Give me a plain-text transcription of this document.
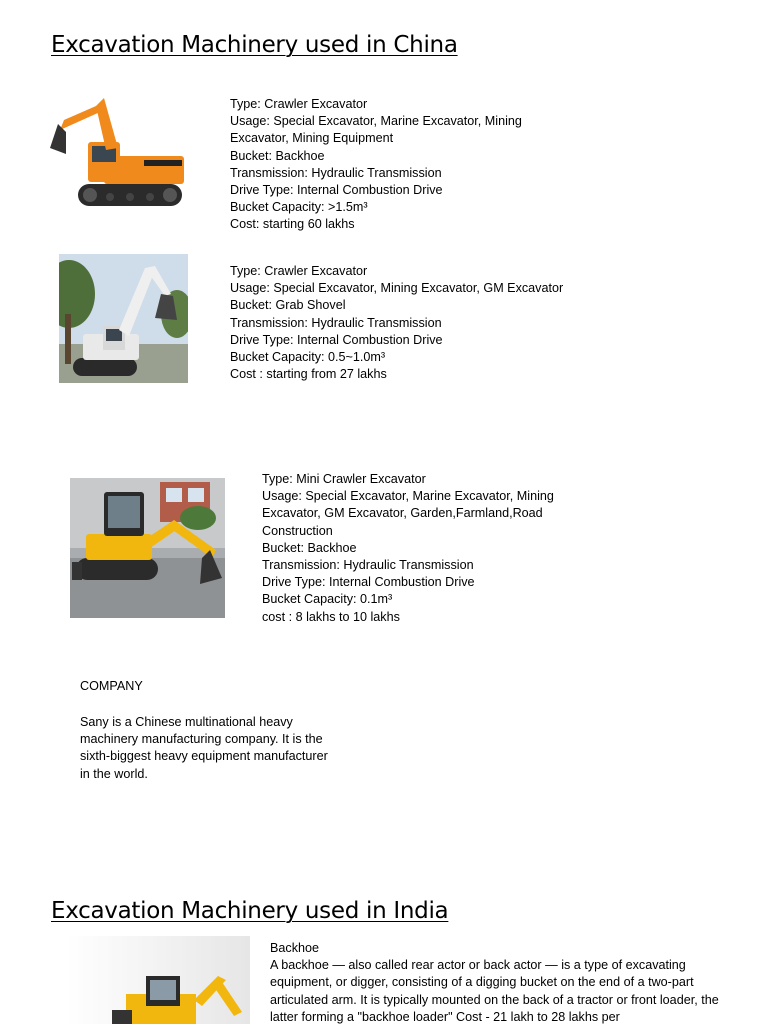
Excavation Machinery used in China
Type: Crawler Excavator
Usage: Special Excavator, Marine Excavator, Mining
Excavator, Mining Equipment
Bucket: Backhoe
Transmission: Hydraulic Transmission
Drive Type: Internal Combustion Drive
Bucket Capacity: >1.5m³
Cost: starting 60 lakhs
Type: Crawler Excavator
Usage: Special Excavator, Mining Excavator, GM Excavator
Bucket: Grab Shovel
Transmission: Hydraulic Transmission
Drive Type: Internal Combustion Drive
Bucket Capacity: 0.5~1.0m³
Cost : starting from 27 lakhs
Type: Mini Crawler Excavator
Usage: Special Excavator, Marine Excavator, Mining
Excavator, GM Excavator, Garden,Farmland,Road
Construction
Bucket: Backhoe
Transmission: Hydraulic Transmission
Drive Type: Internal Combustion Drive
Bucket Capacity: 0.1m³
cost : 8 lakhs to 10 lakhs
COMPANY
Sany is a Chinese multinational heavy machinery manufacturing company. It is the sixth-biggest heavy equipment manufacturer in the world.
Excavation Machinery used in India
Backhoe
A backhoe — also called rear actor or back actor — is a type of excavating equipment, or digger, consisting of a digging bucket on the end of a two-part articulated arm. It is typically mounted on the back of a tractor or front loader, the latter forming a "backhoe loader" Cost - 21 lakh to 28 lakhs per
